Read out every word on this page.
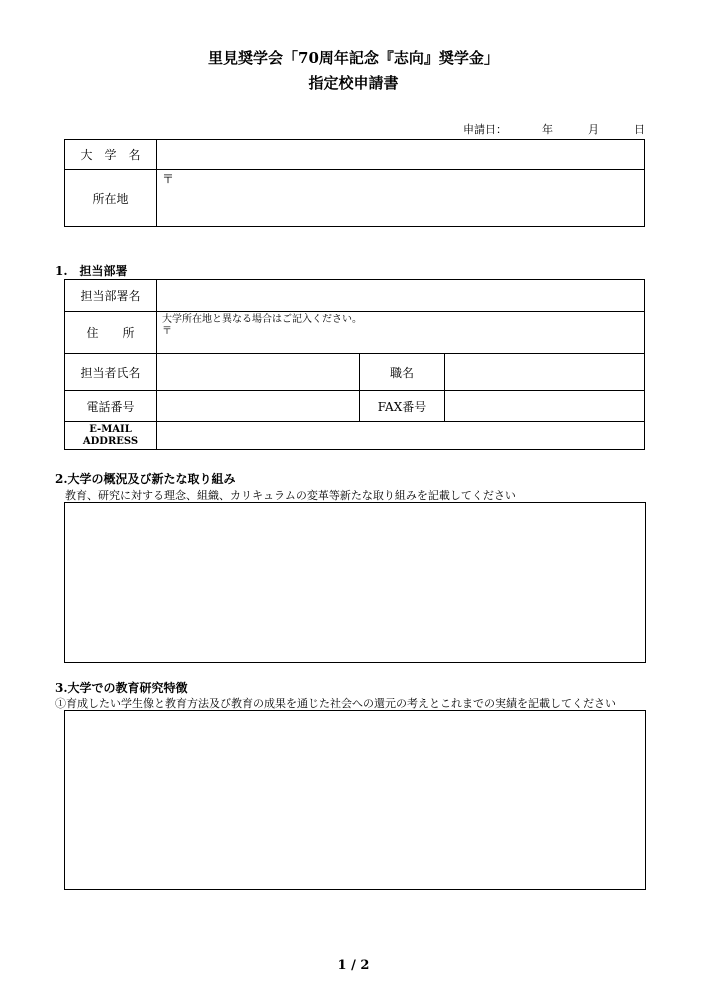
里見奨学会「70周年記念『志向』奨学金」
指定校申請書
申請日：	年	月	日
大　学　名	
所在地	〒
1.　担当部署
担当部署名			
住　　所	大学所在地と異なる場合はご記入ください。
〒		

担当者氏名		職名	
電話番号		FAX番号	

E-MAIL
ADDRESS			

2.大学の概況及び新たな取り組み
教育、研究に対する理念、組織、カリキュラムの変革等新たな取り組みを記載してください
3.大学での教育研究特徴
①育成したい学生像と教育方法及び教育の成果を通じた社会への還元の考えとこれまでの実績を記載してください
1 / 2
